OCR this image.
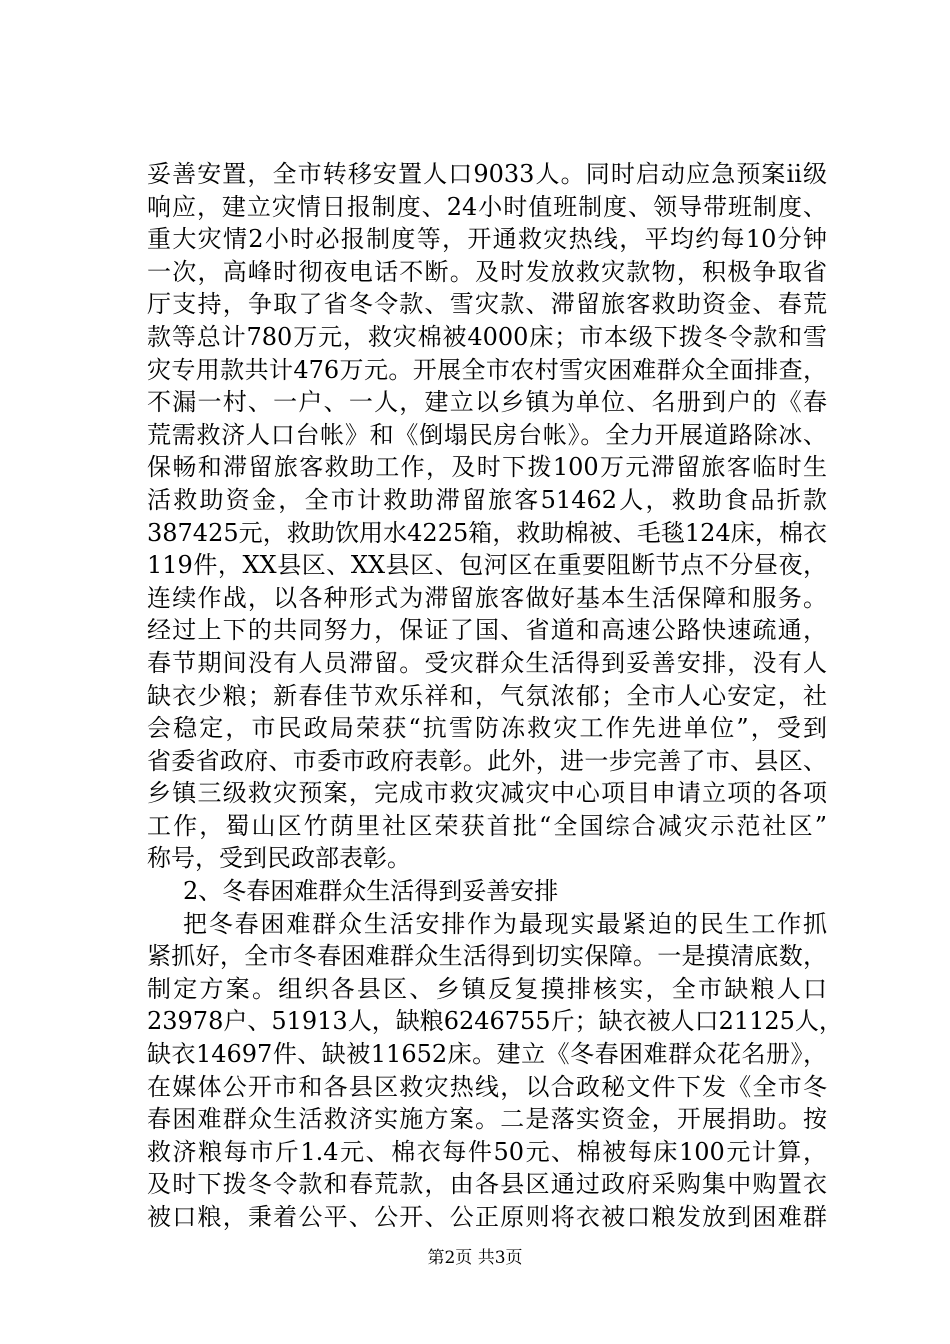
妥善安置，全市转移安置人口9033人。同时启动应急预案ii级
响应，建立灾情日报制度、24小时值班制度、领导带班制度、
重大灾情2小时必报制度等，开通救灾热线，平均约每10分钟
一次，高峰时彻夜电话不断。及时发放救灾款物，积极争取省
厅支持，争取了省冬令款、雪灾款、滞留旅客救助资金、春荒
款等总计780万元，救灾棉被4000床；市本级下拨冬令款和雪
灾专用款共计476万元。开展全市农村雪灾困难群众全面排查，
不漏一村、一户、一人，建立以乡镇为单位、名册到户的《春
荒需救济人口台帐》和《倒塌民房台帐》。全力开展道路除冰、
保畅和滞留旅客救助工作，及时下拨100万元滞留旅客临时生
活救助资金，全市计救助滞留旅客51462人，救助食品折款
387425元，救助饮用水4225箱，救助棉被、毛毯124床，棉衣
119件，XX县区、XX县区、包河区在重要阻断节点不分昼夜，
连续作战，以各种形式为滞留旅客做好基本生活保障和服务。
经过上下的共同努力，保证了国、省道和高速公路快速疏通，
春节期间没有人员滞留。受灾群众生活得到妥善安排，没有人
缺衣少粮；新春佳节欢乐祥和，气氛浓郁；全市人心安定，社
会稳定，市民政局荣获“抗雪防冻救灾工作先进单位”，受到
省委省政府、市委市政府表彰。此外，进一步完善了市、县区、
乡镇三级救灾预案，完成市救灾减灾中心项目申请立项的各项
工作，蜀山区竹荫里社区荣获首批“全国综合减灾示范社区”
称号，受到民政部表彰。
2、冬春困难群众生活得到妥善安排
把冬春困难群众生活安排作为最现实最紧迫的民生工作抓
紧抓好，全市冬春困难群众生活得到切实保障。一是摸清底数，
制定方案。组织各县区、乡镇反复摸排核实，全市缺粮人口
23978户、51913人，缺粮6246755斤；缺衣被人口21125人，
缺衣14697件、缺被11652床。建立《冬春困难群众花名册》，
在媒体公开市和各县区救灾热线，以合政秘文件下发《全市冬
春困难群众生活救济实施方案。二是落实资金，开展捐助。按
救济粮每市斤1.4元、棉衣每件50元、棉被每床100元计算，
及时下拨冬令款和春荒款，由各县区通过政府采购集中购置衣
被口粮，秉着公平、公开、公正原则将衣被口粮发放到困难群
第2页 共3页
